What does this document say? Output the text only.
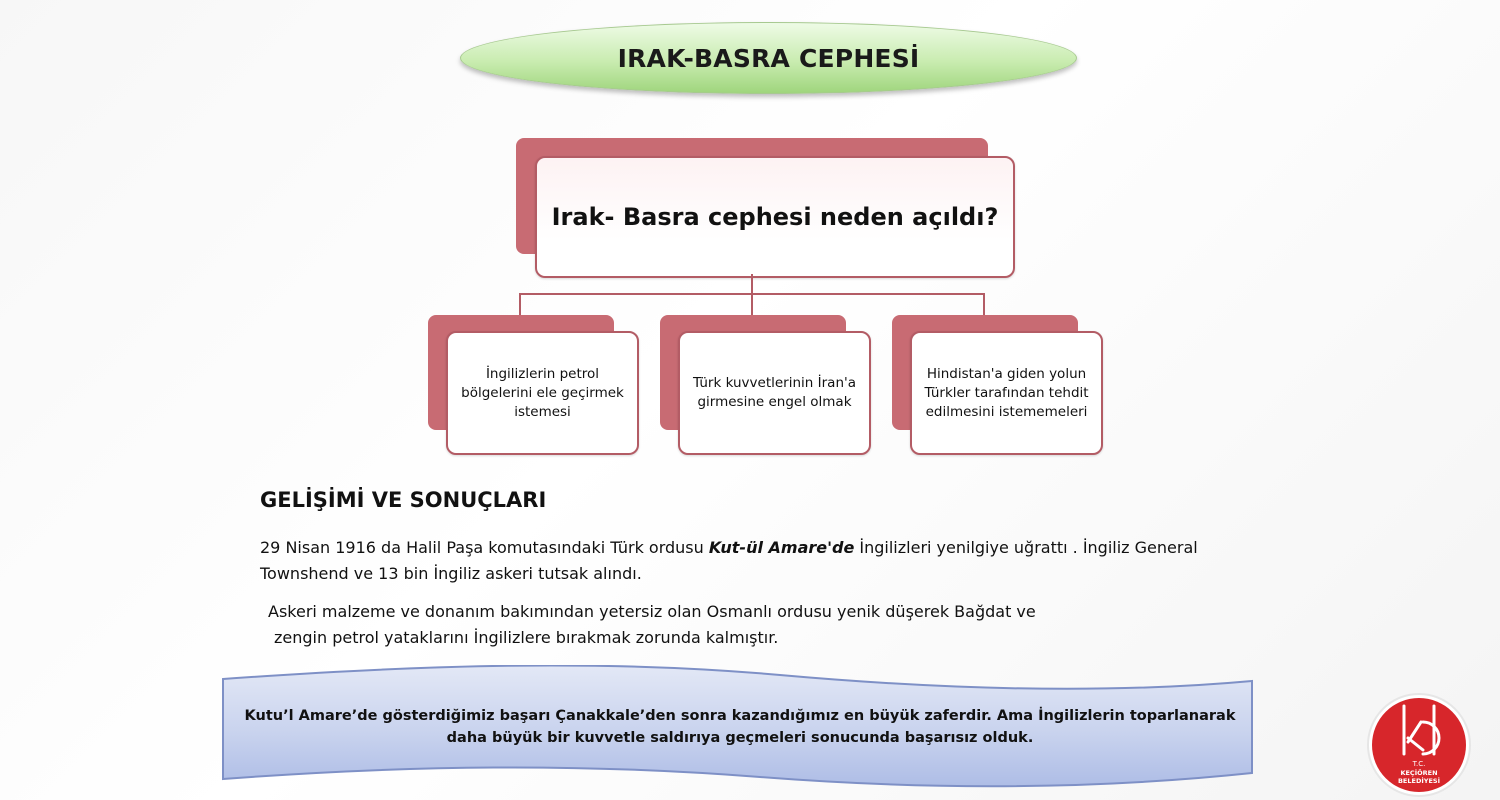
IRAK-BASRA CEPHESİ
Irak- Basra cephesi neden açıldı?
İngilizlerin petrol bölgelerini ele geçirmek istemesi
Türk kuvvetlerinin İran'a girmesine engel olmak
Hindistan'a giden yolun Türkler tarafından tehdit edilmesini istememeleri
GELİŞİMİ VE SONUÇLARI
29 Nisan 1916 da Halil Paşa komutasındaki Türk ordusu Kut-ül Amare'de İngilizleri yenilgiye uğrattı . İngiliz General Townshend ve 13 bin İngiliz askeri tutsak alındı.
Askeri malzeme ve donanım bakımından yetersiz olan Osmanlı ordusu yenik düşerek Bağdat ve
zengin petrol yataklarını İngilizlere bırakmak zorunda kalmıştır.
Kutu’l Amare’de gösterdiğimiz başarı Çanakkale’den sonra kazandığımız en büyük zaferdir. Ama İngilizlerin toparlanarak daha büyük bir kuvvetle saldırıya geçmeleri sonucunda başarısız olduk.
T.C.
KEÇİÖREN
BELEDİYESİ
